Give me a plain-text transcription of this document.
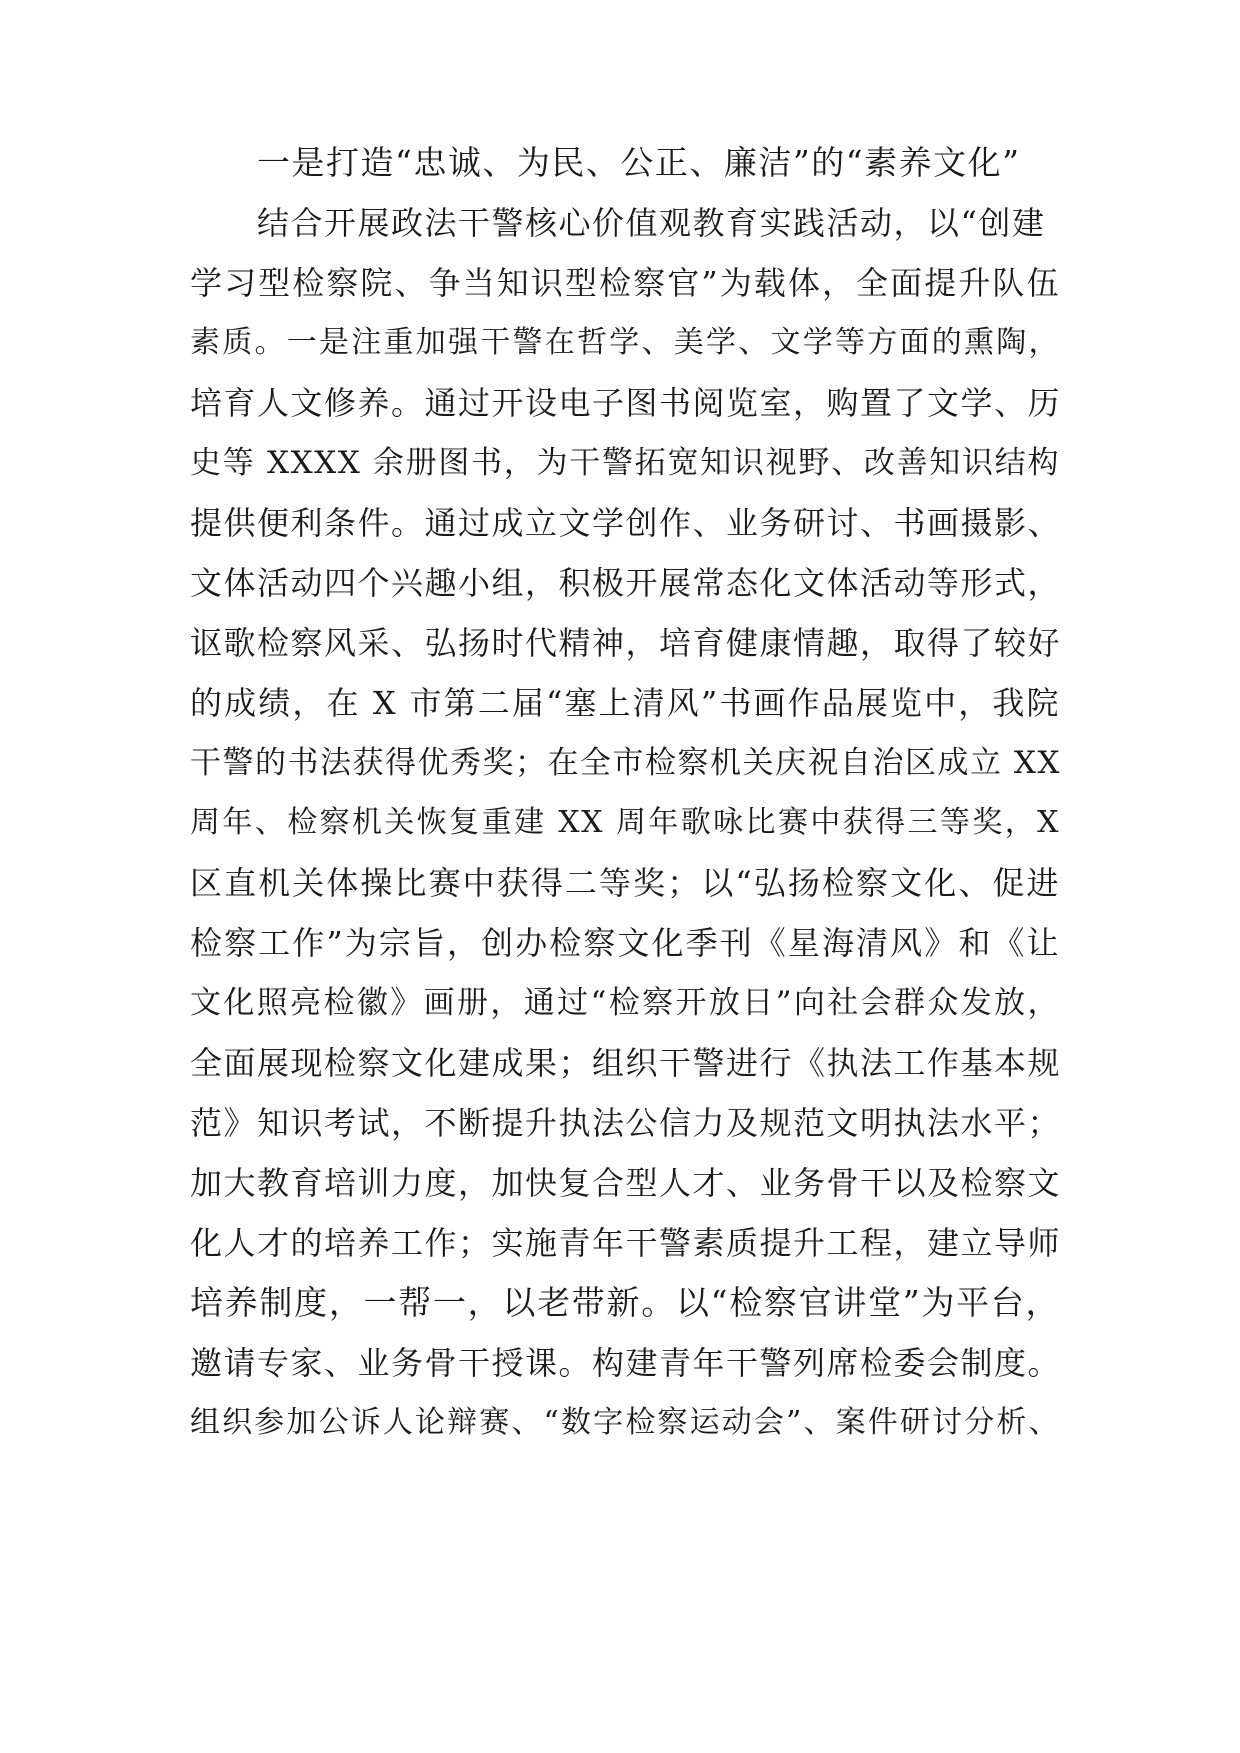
一是打造“忠诚、为民、公正、廉洁”的“素养文化”
结合开展政法干警核心价值观教育实践活动，以“创建
学习型检察院、争当知识型检察官”为载体，全面提升队伍
素质。一是注重加强干警在哲学、美学、文学等方面的熏陶，
培育人文修养。通过开设电子图书阅览室，购置了文学、历
史等 XXXX 余册图书，为干警拓宽知识视野、改善知识结构
提供便利条件。通过成立文学创作、业务研讨、书画摄影、
文体活动四个兴趣小组，积极开展常态化文体活动等形式，
讴歌检察风采、弘扬时代精神，培育健康情趣，取得了较好
的成绩，在 X 市第二届“塞上清风”书画作品展览中，我院
干警的书法获得优秀奖；在全市检察机关庆祝自治区成立 XX
周年、检察机关恢复重建 XX 周年歌咏比赛中获得三等奖，X
区直机关体操比赛中获得二等奖；以“弘扬检察文化、促进
检察工作”为宗旨，创办检察文化季刊《星海清风》和《让
文化照亮检徽》画册，通过“检察开放日”向社会群众发放，
全面展现检察文化建成果；组织干警进行《执法工作基本规
范》知识考试，不断提升执法公信力及规范文明执法水平；
加大教育培训力度，加快复合型人才、业务骨干以及检察文
化人才的培养工作；实施青年干警素质提升工程，建立导师
培养制度，一帮一，以老带新。以“检察官讲堂”为平台，
邀请专家、业务骨干授课。构建青年干警列席检委会制度。
组织参加公诉人论辩赛、“数字检察运动会”、案件研讨分析、
